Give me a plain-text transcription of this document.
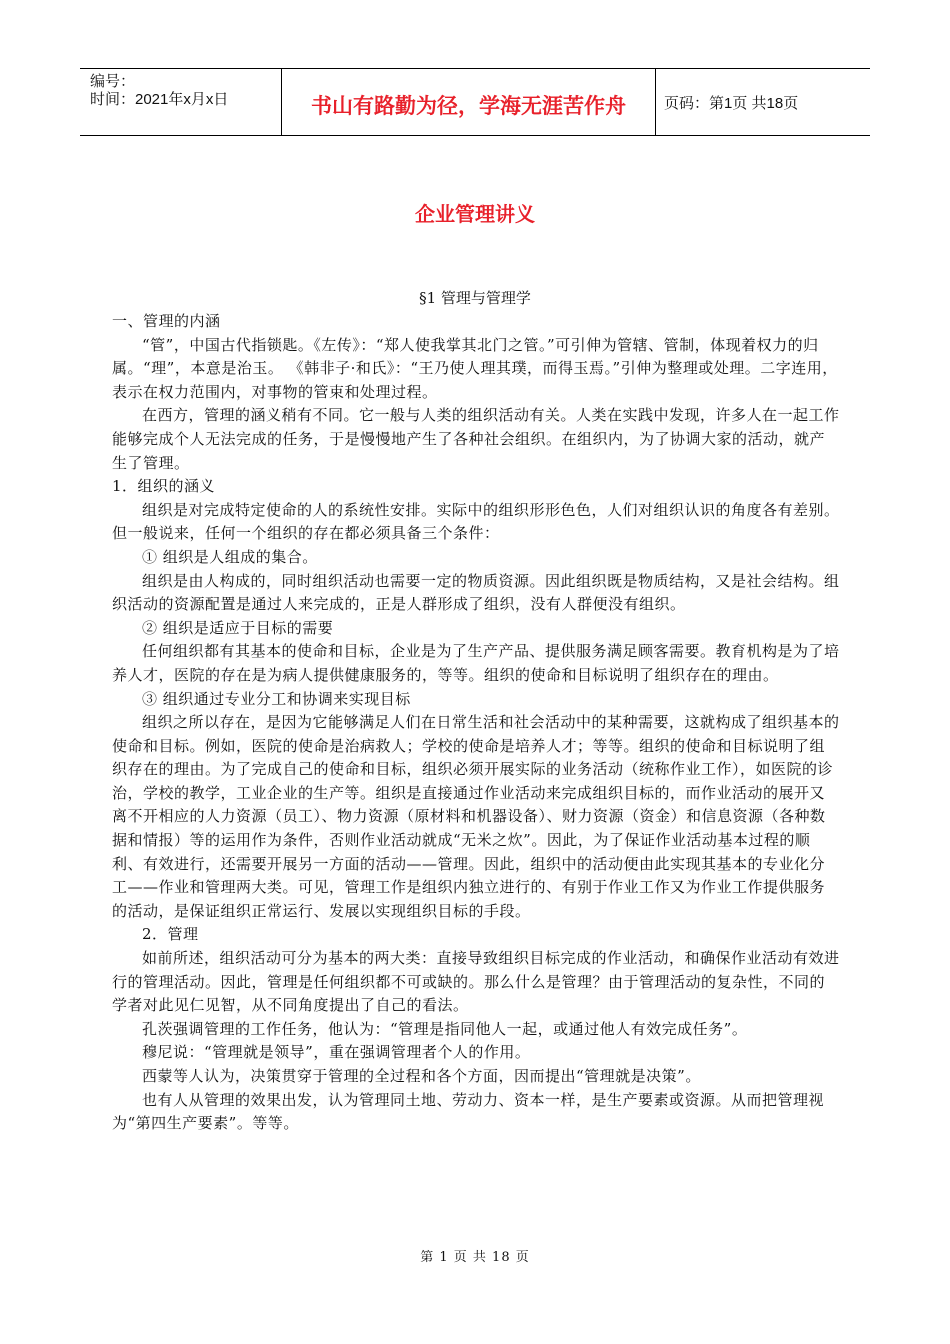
编号：
时间：2021年x月x日	书山有路勤为径，学海无涯苦作舟	页码：第1页 共18页
企业管理讲义
§1 管理与管理学

一、管理的内涵

“管”，中国古代指锁匙。《左传》：“郑人使我掌其北门之管。”可引伸为管辖、管制，体现着权力的归属。“理”，本意是治玉。 《韩非子·和氏》：“王乃使人理其璞，而得玉焉。”引伸为整理或处理。二字连用，表示在权力范围内，对事物的管束和处理过程。

在西方，管理的涵义稍有不同。它一般与人类的组织活动有关。人类在实践中发现，许多人在一起工作能够完成个人无法完成的任务，于是慢慢地产生了各种社会组织。在组织内，为了协调大家的活动，就产生了管理。

1．组织的涵义

组织是对完成特定使命的人的系统性安排。实际中的组织形形色色，人们对组织认识的角度各有差别。但一般说来，任何一个组织的存在都必须具备三个条件：

① 组织是人组成的集合。

组织是由人构成的，同时组织活动也需要一定的物质资源。因此组织既是物质结构，又是社会结构。组织活动的资源配置是通过人来完成的，正是人群形成了组织，没有人群便没有组织。

② 组织是适应于目标的需要

任何组织都有其基本的使命和目标，企业是为了生产产品、提供服务满足顾客需要。教育机构是为了培养人才，医院的存在是为病人提供健康服务的，等等。组织的使命和目标说明了组织存在的理由。

③ 组织通过专业分工和协调来实现目标

组织之所以存在，是因为它能够满足人们在日常生活和社会活动中的某种需要，这就构成了组织基本的使命和目标。例如，医院的使命是治病救人；学校的使命是培养人才；等等。组织的使命和目标说明了组织存在的理由。为了完成自己的使命和目标，组织必须开展实际的业务活动（统称作业工作），如医院的诊治，学校的教学，工业企业的生产等。组织是直接通过作业活动来完成组织目标的，而作业活动的展开又离不开相应的人力资源（员工）、物力资源（原材料和机器设备）、财力资源（资金）和信息资源（各种数据和情报）等的运用作为条件，否则作业活动就成“无米之炊”。因此，为了保证作业活动基本过程的顺利、有效进行，还需要开展另一方面的活动——管理。因此，组织中的活动便由此实现其基本的专业化分工——作业和管理两大类。可见，管理工作是组织内独立进行的、有别于作业工作又为作业工作提供服务的活动，是保证组织正常运行、发展以实现组织目标的手段。

2．管理

如前所述，组织活动可分为基本的两大类：直接导致组织目标完成的作业活动，和确保作业活动有效进行的管理活动。因此，管理是任何组织都不可或缺的。那么什么是管理？由于管理活动的复杂性，不同的学者对此见仁见智，从不同角度提出了自己的看法。

孔茨强调管理的工作任务，他认为：“管理是指同他人一起，或通过他人有效完成任务”。

穆尼说：“管理就是领导”，重在强调管理者个人的作用。

西蒙等人认为，决策贯穿于管理的全过程和各个方面，因而提出“管理就是决策”。

也有人从管理的效果出发，认为管理同土地、劳动力、资本一样，是生产要素或资源。从而把管理视为“第四生产要素”。等等。

第 1 页 共 18 页
